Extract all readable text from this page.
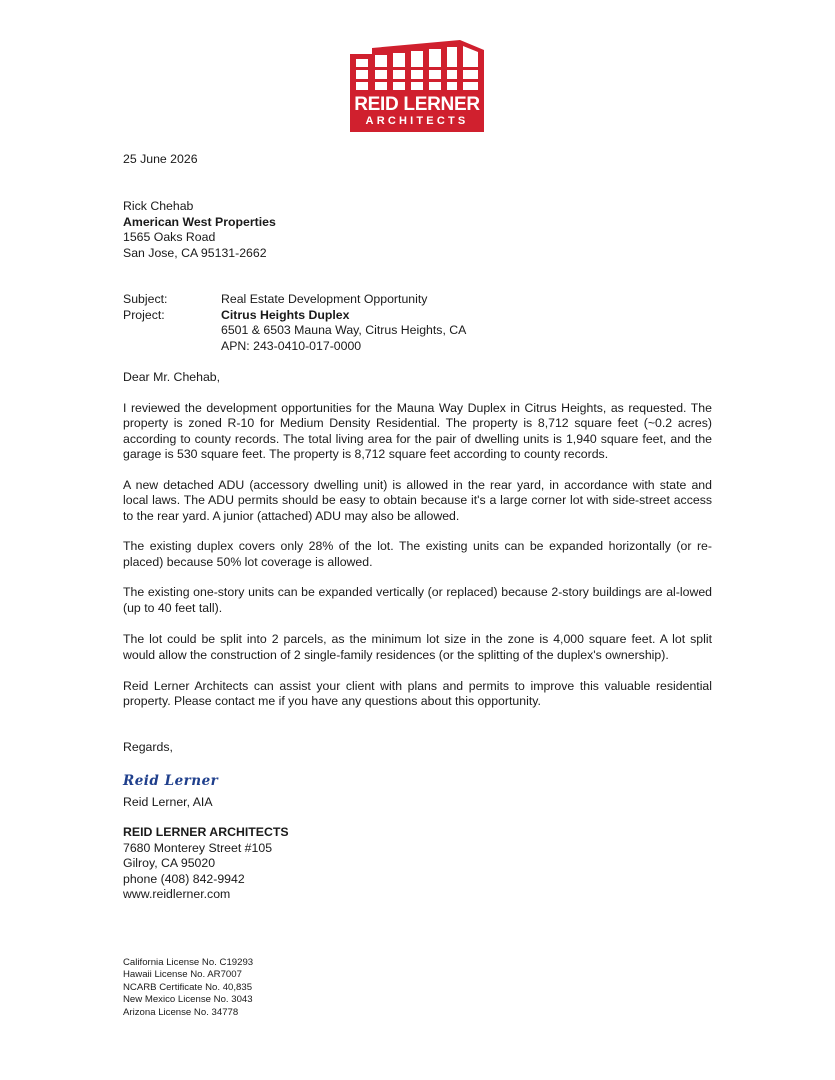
REID LERNER
ARCHITECTS
25 June 2026
Rick Chehab
American West Properties
1565 Oaks Road
San Jose, CA 95131-2662
Subject:	Real Estate Development Opportunity
Project:	Citrus Heights Duplex
6501 & 6503 Mauna Way, Citrus Heights, CA
APN: 243-0410-017-0000
Dear Mr. Chehab,
I reviewed the development opportunities for the Mauna Way Duplex in Citrus Heights, as requested. The property is zoned R-10 for Medium Density Residential. The property is 8,712 square feet (~0.2 acres) according to county records. The total living area for the pair of dwelling units is 1,940 square feet, and the garage is 530 square feet. The property is 8,712 square feet according to county records.
A new detached ADU (accessory dwelling unit) is allowed in the rear yard, in accordance with state and local laws. The ADU permits should be easy to obtain because it's a large corner lot with side-street access to the rear yard. A junior (attached) ADU may also be allowed.
The existing duplex covers only 28% of the lot. The existing units can be expanded horizontally (or re-placed) because 50% lot coverage is allowed.
The existing one-story units can be expanded vertically (or replaced) because 2-story buildings are al-lowed (up to 40 feet tall).
The lot could be split into 2 parcels, as the minimum lot size in the zone is 4,000 square feet. A lot split would allow the construction of 2 single-family residences (or the splitting of the duplex's ownership).
Reid Lerner Architects can assist your client with plans and permits to improve this valuable residential property. Please contact me if you have any questions about this opportunity.
Regards,
Reid Lerner
Reid Lerner, AIA
REID LERNER ARCHITECTS
7680 Monterey Street #105
Gilroy, CA 95020
phone (408) 842-9942
www.reidlerner.com
California License No. C19293
Hawaii License No. AR7007
NCARB Certificate No. 40,835
New Mexico License No. 3043
Arizona License No. 34778
